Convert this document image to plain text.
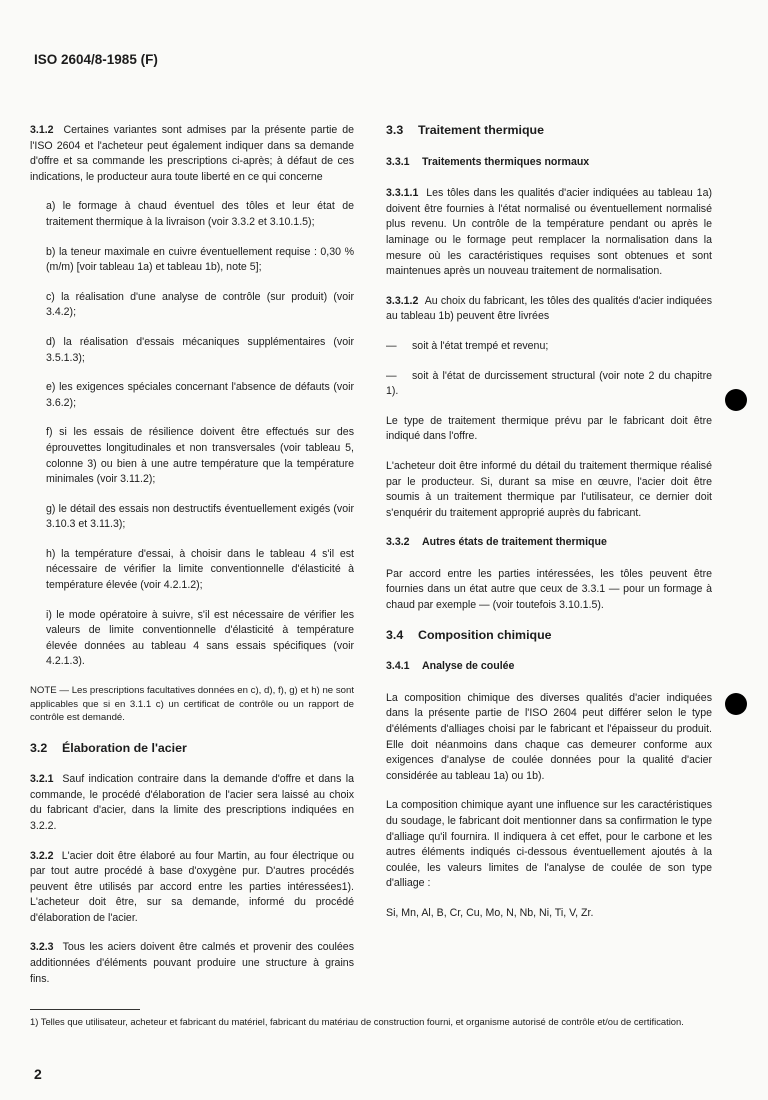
ISO 2604/8-1985 (F)

3.1.2 Certaines variantes sont admises par la présente partie de l'ISO 2604 et l'acheteur peut également indiquer dans sa demande d'offre et sa commande les prescriptions ci-après; à défaut de ces indications, le producteur aura toute liberté en ce qui concerne

a) le formage à chaud éventuel des tôles et leur état de traitement thermique à la livraison (voir 3.3.2 et 3.10.1.5);

b) la teneur maximale en cuivre éventuellement requise : 0,30 % (m/m) [voir tableau 1a) et tableau 1b), note 5];

c) la réalisation d'une analyse de contrôle (sur produit) (voir 3.4.2);

d) la réalisation d'essais mécaniques supplémentaires (voir 3.5.1.3);

e) les exigences spéciales concernant l'absence de défauts (voir 3.6.2);

f) si les essais de résilience doivent être effectués sur des éprouvettes longitudinales et non transversales (voir tableau 5, colonne 3) ou bien à une autre température que la température minimales (voir 3.11.2);

g) le détail des essais non destructifs éventuellement exigés (voir 3.10.3 et 3.11.3);

h) la température d'essai, à choisir dans le tableau 4 s'il est nécessaire de vérifier la limite conventionnelle d'élasticité à température élevée (voir 4.2.1.2);

i) le mode opératoire à suivre, s'il est nécessaire de vérifier les valeurs de limite conventionnelle d'élasticité à température élevée données au tableau 4 sans essais spécifiques (voir 4.2.1.3).

NOTE — Les prescriptions facultatives données en c), d), f), g) et h) ne sont applicables que si en 3.1.1 c) un certificat de contrôle ou un rapport de contrôle est demandé.

3.2 Élaboration de l'acier

3.2.1 Sauf indication contraire dans la demande d'offre et dans la commande, le procédé d'élaboration de l'acier sera laissé au choix du fabricant d'acier, dans la limite des prescriptions indiquées en 3.2.2.

3.2.2 L'acier doit être élaboré au four Martin, au four électrique ou par tout autre procédé à base d'oxygène pur. D'autres procédés peuvent être utilisés par accord entre les parties intéressées1). L'acheteur doit être, sur sa demande, informé du procédé d'élaboration de l'acier.

3.2.3 Tous les aciers doivent être calmés et provenir des coulées additionnées d'éléments pouvant produire une structure à grains fins.

3.3 Traitement thermique
3.3.1 Traitements thermiques normaux

3.3.1.1 Les tôles dans les qualités d'acier indiquées au tableau 1a) doivent être fournies à l'état normalisé ou éventuellement normalisé plus revenu. Un contrôle de la température pendant ou après le laminage ou le formage peut remplacer la normalisation dans la mesure où les caractéristiques requises sont obtenues et sont maintenues après un nouveau traitement de normalisation.

3.3.1.2 Au choix du fabricant, les tôles des qualités d'acier indiquées au tableau 1b) peuvent être livrées

— soit à l'état trempé et revenu;

— soit à l'état de durcissement structural (voir note 2 du chapitre 1).

Le type de traitement thermique prévu par le fabricant doit être indiqué dans l'offre.

L'acheteur doit être informé du détail du traitement thermique réalisé par le producteur. Si, durant sa mise en œuvre, l'acier doit être soumis à un traitement thermique par l'utilisateur, ce dernier doit s'enquérir du traitement approprié auprès du fabricant.

3.3.2 Autres états de traitement thermique

Par accord entre les parties intéressées, les tôles peuvent être fournies dans un état autre que ceux de 3.3.1 — pour un formage à chaud par exemple — (voir toutefois 3.10.1.5).

3.4 Composition chimique
3.4.1 Analyse de coulée

La composition chimique des diverses qualités d'acier indiquées dans la présente partie de l'ISO 2604 peut différer selon le type d'éléments d'alliages choisi par le fabricant et l'épaisseur du produit. Elle doit néanmoins dans chaque cas demeurer conforme aux exigences d'analyse de coulée données pour la qualité d'acier considérée au tableau 1a) ou 1b).

La composition chimique ayant une influence sur les caractéristiques du soudage, le fabricant doit mentionner dans sa confirmation le type d'alliage qu'il fournira. Il indiquera à cet effet, pour le carbone et les autres éléments indiqués ci-dessous éventuellement ajoutés à la coulée, les valeurs limites de l'analyse de coulée de son type d'alliage :

Si, Mn, Al, B, Cr, Cu, Mo, N, Nb, Ni, Ti, V, Zr.

1) Telles que utilisateur, acheteur et fabricant du matériel, fabricant du matériau de construction fourni, et organisme autorisé de contrôle et/ou de certification.
2
